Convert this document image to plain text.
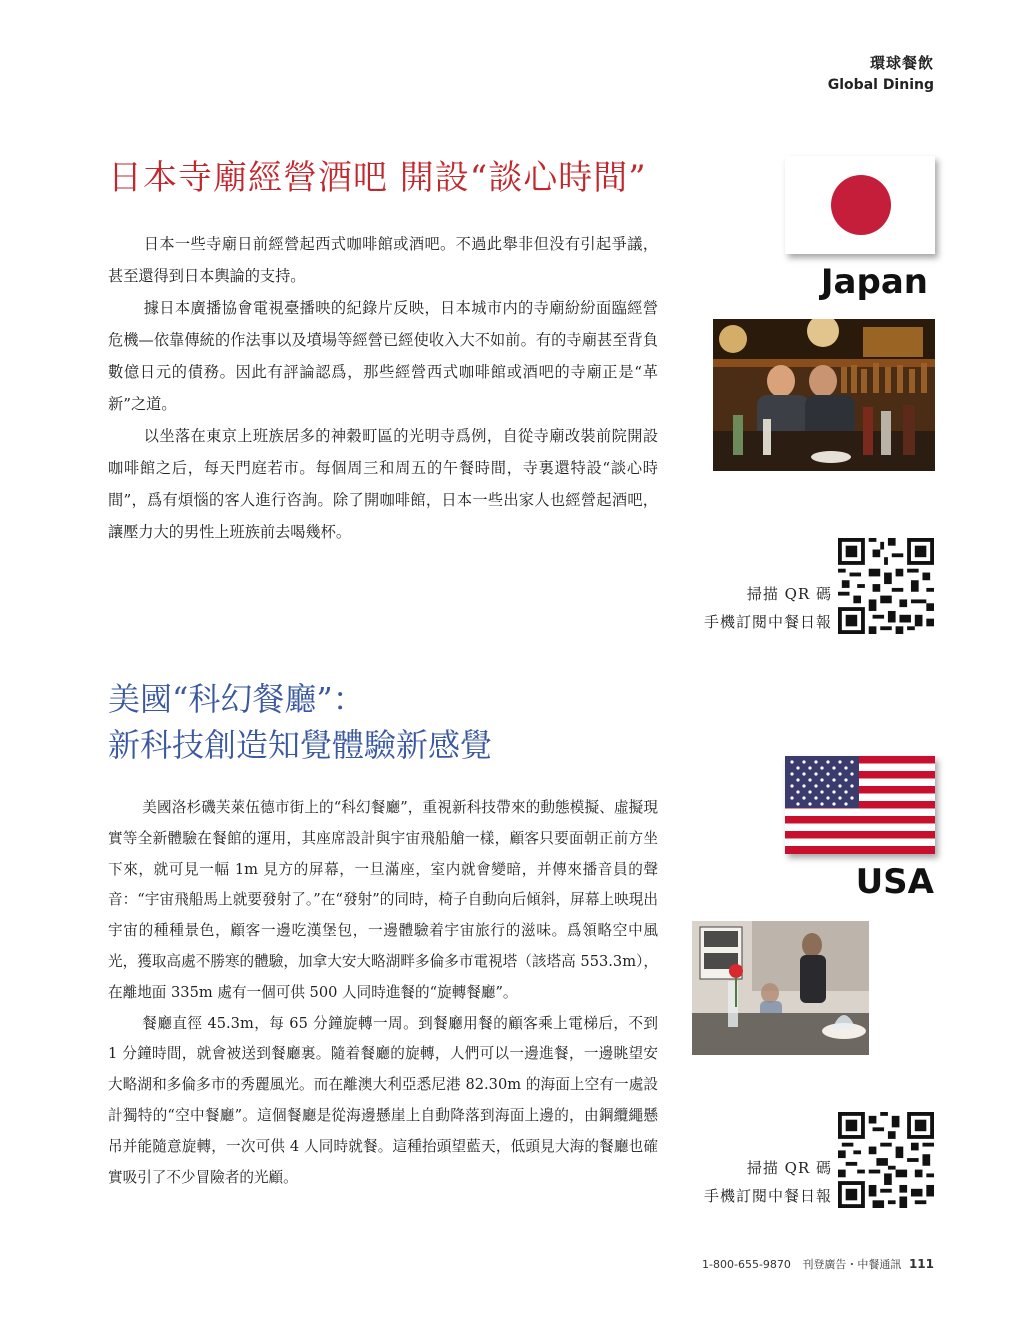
環球餐飲
Global Dining
日本寺廟經營酒吧 開設“談心時間”

日本一些寺廟日前經營起西式咖啡館或酒吧。不過此舉非但没有引起爭議，甚至還得到日本輿論的支持。

據日本廣播協會電視臺播映的紀錄片反映，日本城市内的寺廟紛紛面臨經營危機—依靠傳統的作法事以及墳場等經營已經使收入大不如前。有的寺廟甚至背負數億日元的債務。因此有評論認爲，那些經營西式咖啡館或酒吧的寺廟正是“革新”之道。

以坐落在東京上班族居多的神穀町區的光明寺爲例，自從寺廟改裝前院開設咖啡館之后，每天門庭若市。每個周三和周五的午餐時間，寺裏還特設“談心時間”，爲有煩惱的客人進行咨詢。除了開咖啡館，日本一些出家人也經營起酒吧，讓壓力大的男性上班族前去喝幾杯。

Japan
掃描 QR 碼
手機訂閱中餐日報
美國“科幻餐廳”：
新科技創造知覺體驗新感覺

美國洛杉磯芙萊伍德市街上的“科幻餐廳”，重視新科技帶來的動態模擬、虛擬現實等全新體驗在餐館的運用，其座席設計與宇宙飛船艙一樣，顧客只要面朝正前方坐下來，就可見一幅 1m 見方的屏幕，一旦滿座，室内就會變暗，并傳來播音員的聲音：“宇宙飛船馬上就要發射了。”在“發射”的同時，椅子自動向后傾斜，屏幕上映現出宇宙的種種景色，顧客一邊吃漢堡包，一邊體驗着宇宙旅行的滋味。爲領略空中風光，獲取高處不勝寒的體驗，加拿大安大略湖畔多倫多市電視塔（該塔高 553.3m），在離地面 335m 處有一個可供 500 人同時進餐的“旋轉餐廳”。

餐廳直徑 45.3m，每 65 分鐘旋轉一周。到餐廳用餐的顧客乘上電梯后，不到 1 分鐘時間，就會被送到餐廳裏。隨着餐廳的旋轉，人們可以一邊進餐，一邊眺望安大略湖和多倫多市的秀麗風光。而在離澳大利亞悉尼港 82.30m 的海面上空有一處設計獨特的“空中餐廳”。這個餐廳是從海邊懸崖上自動降落到海面上邊的，由鋼纜繩懸吊并能隨意旋轉，一次可供 4 人同時就餐。這種抬頭望藍天，低頭見大海的餐廳也確實吸引了不少冒險者的光顧。

USA
掃描 QR 碼
手機訂閱中餐日報
1-800-655-9870 刊登廣告・中餐通訊 111
